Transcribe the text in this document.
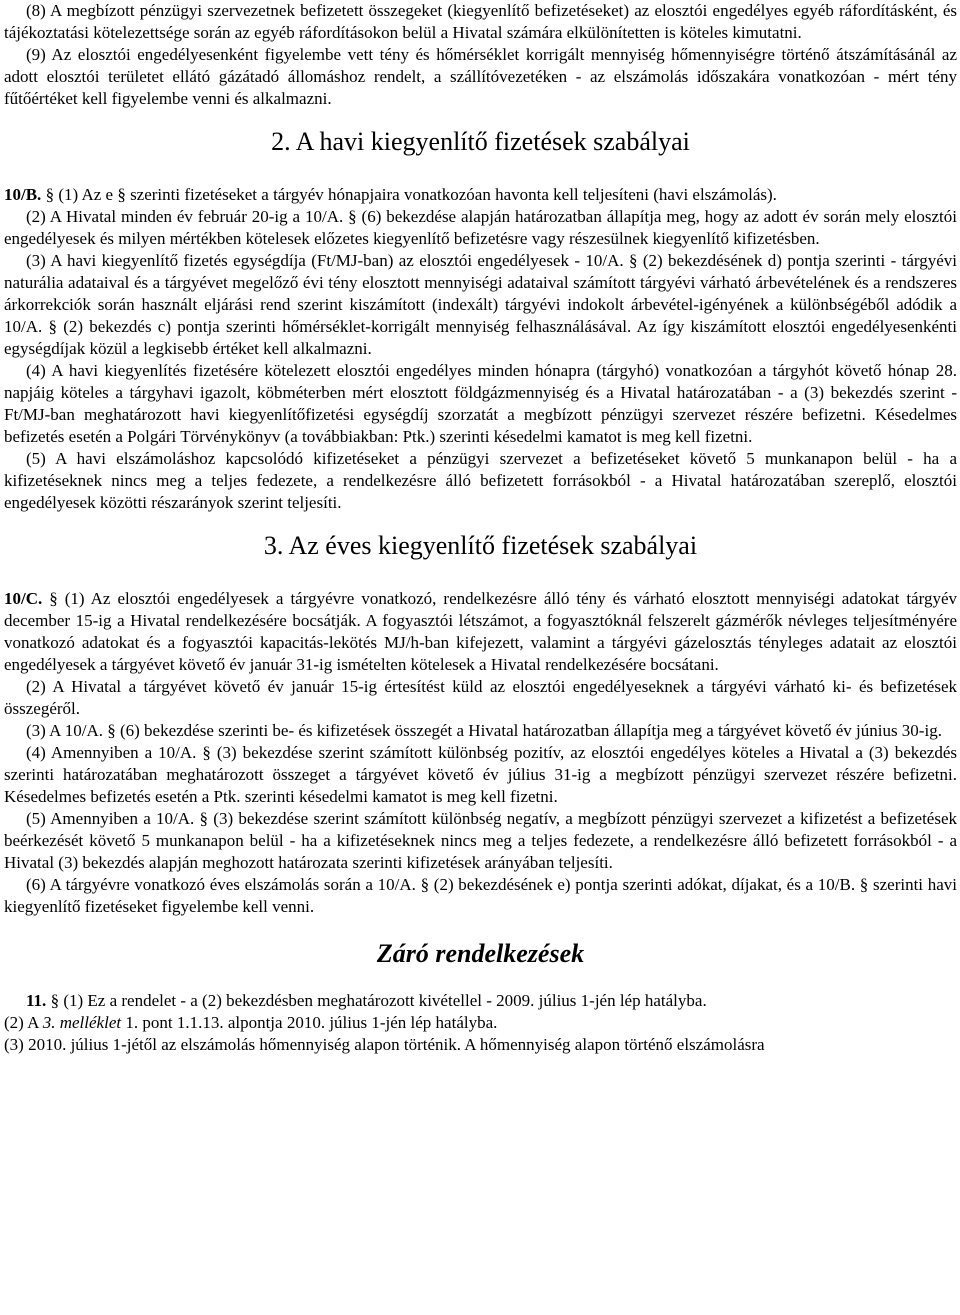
(8) A megbízott pénzügyi szervezetnek befizetett összegeket (kiegyenlítő befizetéseket) az elosztói engedélyes egyéb ráfordításként, és tájékoztatási kötelezettsége során az egyéb ráfordításokon belül a Hivatal számára elkülönítetten is köteles kimutatni.

(9) Az elosztói engedélyesenként figyelembe vett tény és hőmérséklet korrigált mennyiség hőmennyiségre történő átszámításánál az adott elosztói területet ellátó gázátadó állomáshoz rendelt, a szállítóvezetéken - az elszámolás időszakára vonatkozóan - mért tény fűtőértéket kell figyelembe venni és alkalmazni.

2. A havi kiegyenlítő fizetések szabályai

10/B. § (1) Az e § szerinti fizetéseket a tárgyév hónapjaira vonatkozóan havonta kell teljesíteni (havi elszámolás).

(2) A Hivatal minden év február 20-ig a 10/A. § (6) bekezdése alapján határozatban állapítja meg, hogy az adott év során mely elosztói engedélyesek és milyen mértékben kötelesek előzetes kiegyenlítő befizetésre vagy részesülnek kiegyenlítő kifizetésben.

(3) A havi kiegyenlítő fizetés egységdíja (Ft/MJ-ban) az elosztói engedélyesek - 10/A. § (2) bekezdésének d) pontja szerinti - tárgyévi naturália adataival és a tárgyévet megelőző évi tény elosztott mennyiségi adataival számított tárgyévi várható árbevételének és a rendszeres árkorrekciók során használt eljárási rend szerint kiszámított (indexált) tárgyévi indokolt árbevétel-igényének a különbségéből adódik a 10/A. § (2) bekezdés c) pontja szerinti hőmérséklet-korrigált mennyiség felhasználásával. Az így kiszámított elosztói engedélyesenkénti egységdíjak közül a legkisebb értéket kell alkalmazni.

(4) A havi kiegyenlítés fizetésére kötelezett elosztói engedélyes minden hónapra (tárgyhó) vonatkozóan a tárgyhót követő hónap 28. napjáig köteles a tárgyhavi igazolt, köbméterben mért elosztott földgázmennyiség és a Hivatal határozatában - a (3) bekezdés szerint - Ft/MJ-ban meghatározott havi kiegyenlítőfizetési egységdíj szorzatát a megbízott pénzügyi szervezet részére befizetni. Késedelmes befizetés esetén a Polgári Törvénykönyv (a továbbiakban: Ptk.) szerinti késedelmi kamatot is meg kell fizetni.

(5) A havi elszámoláshoz kapcsolódó kifizetéseket a pénzügyi szervezet a befizetéseket követő 5 munkanapon belül - ha a kifizetéseknek nincs meg a teljes fedezete, a rendelkezésre álló befizetett forrásokból - a Hivatal határozatában szereplő, elosztói engedélyesek közötti részarányok szerint teljesíti.

3. Az éves kiegyenlítő fizetések szabályai

10/C. § (1) Az elosztói engedélyesek a tárgyévre vonatkozó, rendelkezésre álló tény és várható elosztott mennyiségi adatokat tárgyév december 15-ig a Hivatal rendelkezésére bocsátják. A fogyasztói létszámot, a fogyasztóknál felszerelt gázmérők névleges teljesítményére vonatkozó adatokat és a fogyasztói kapacitás-lekötés MJ/h-ban kifejezett, valamint a tárgyévi gázelosztás tényleges adatait az elosztói engedélyesek a tárgyévet követő év január 31-ig ismételten kötelesek a Hivatal rendelkezésére bocsátani.

(2) A Hivatal a tárgyévet követő év január 15-ig értesítést küld az elosztói engedélyeseknek a tárgyévi várható ki- és befizetések összegéről.

(3) A 10/A. § (6) bekezdése szerinti be- és kifizetések összegét a Hivatal határozatban állapítja meg a tárgyévet követő év június 30-ig.

(4) Amennyiben a 10/A. § (3) bekezdése szerint számított különbség pozitív, az elosztói engedélyes köteles a Hivatal a (3) bekezdés szerinti határozatában meghatározott összeget a tárgyévet követő év július 31-ig a megbízott pénzügyi szervezet részére befizetni. Késedelmes befizetés esetén a Ptk. szerinti késedelmi kamatot is meg kell fizetni.

(5) Amennyiben a 10/A. § (3) bekezdése szerint számított különbség negatív, a megbízott pénzügyi szervezet a kifizetést a befizetések beérkezését követő 5 munkanapon belül - ha a kifizetéseknek nincs meg a teljes fedezete, a rendelkezésre álló befizetett forrásokból - a Hivatal (3) bekezdés alapján meghozott határozata szerinti kifizetések arányában teljesíti.

(6) A tárgyévre vonatkozó éves elszámolás során a 10/A. § (2) bekezdésének e) pontja szerinti adókat, díjakat, és a 10/B. § szerinti havi kiegyenlítő fizetéseket figyelembe kell venni.

Záró rendelkezések

11. § (1) Ez a rendelet - a (2) bekezdésben meghatározott kivétellel - 2009. július 1-jén lép hatályba.

(2) A 3. melléklet 1. pont 1.1.13. alpontja 2010. július 1-jén lép hatályba.

(3) 2010. július 1-jétől az elszámolás hőmennyiség alapon történik. A hőmennyiség alapon történő elszámolásra
